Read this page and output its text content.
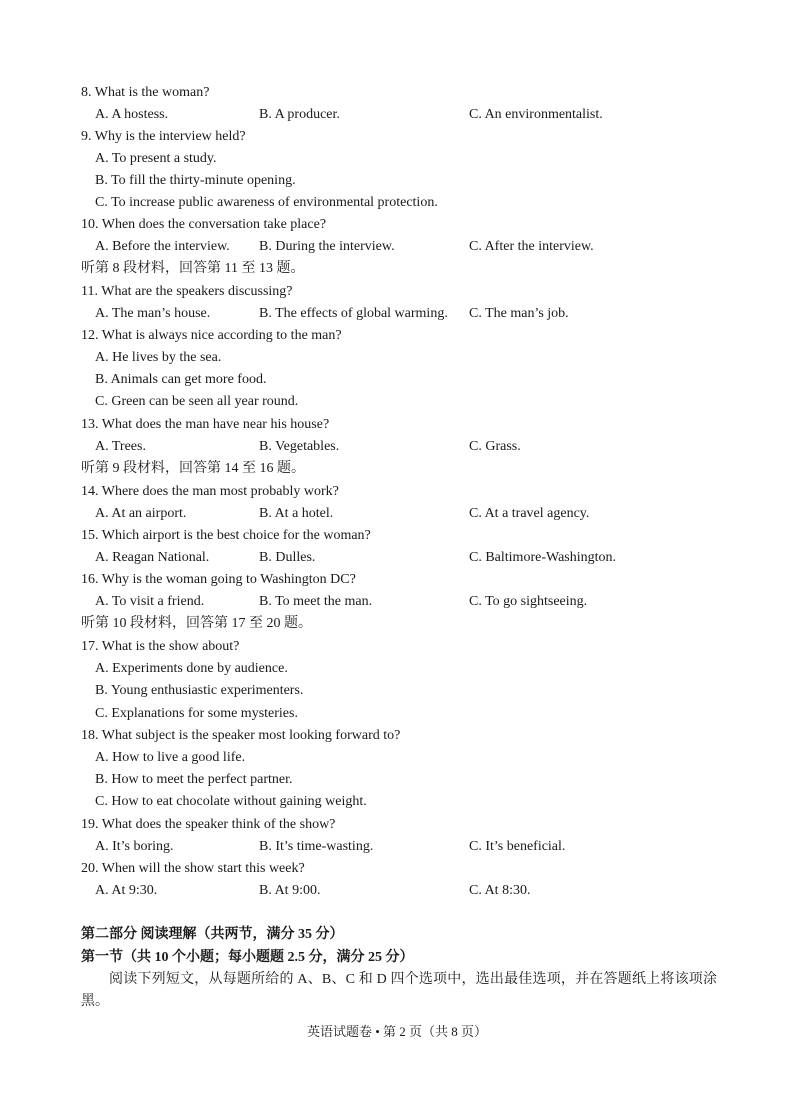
8. What is the woman?
A. A hostess.	B. A producer.	C. An environmentalist.
9. Why is the interview held?
A. To present a study.
B. To fill the thirty-minute opening.
C. To increase public awareness of environmental protection.
10. When does the conversation take place?
A. Before the interview. B. During the interview.	C. After the interview.
听第 8 段材料，回答第 11 至 13 题。
11. What are the speakers discussing?
A. The man’s house.	B. The effects of global warming. C. The man’s job.
12. What is always nice according to the man?
A. He lives by the sea.
B. Animals can get more food.
C. Green can be seen all year round.
13. What does the man have near his house?
A. Trees.	B. Vegetables.	C. Grass.
听第 9 段材料，回答第 14 至 16 题。
14. Where does the man most probably work?
A. At an airport.	B. At a hotel.	C. At a travel agency.
15. Which airport is the best choice for the woman?
A. Reagan National.	B. Dulles.	C. Baltimore-Washington.
16. Why is the woman going to Washington DC?
A. To visit a friend.	B. To meet the man.	C. To go sightseeing.
听第 10 段材料，回答第 17 至 20 题。
17. What is the show about?
A. Experiments done by audience.
B. Young enthusiastic experimenters.
C. Explanations for some mysteries.
18. What subject is the speaker most looking forward to?
A. How to live a good life.
B. How to meet the perfect partner.
C. How to eat chocolate without gaining weight.
19. What does the speaker think of the show?
A. It’s boring.	B. It’s time-wasting.	C. It’s beneficial.
20. When will the show start this week?
A. At 9:30.	B. At 9:00.	C. At 8:30.
第二部分 阅读理解（共两节，满分 35 分）
第一节（共 10 个小题；每小题题 2.5 分，满分 25 分）
阅读下列短文，从每题所给的 A、B、C 和 D 四个选项中，选出最佳选项，并在答题纸上将该项涂黑。
英语试题卷 • 第 2 页（共 8 页）
